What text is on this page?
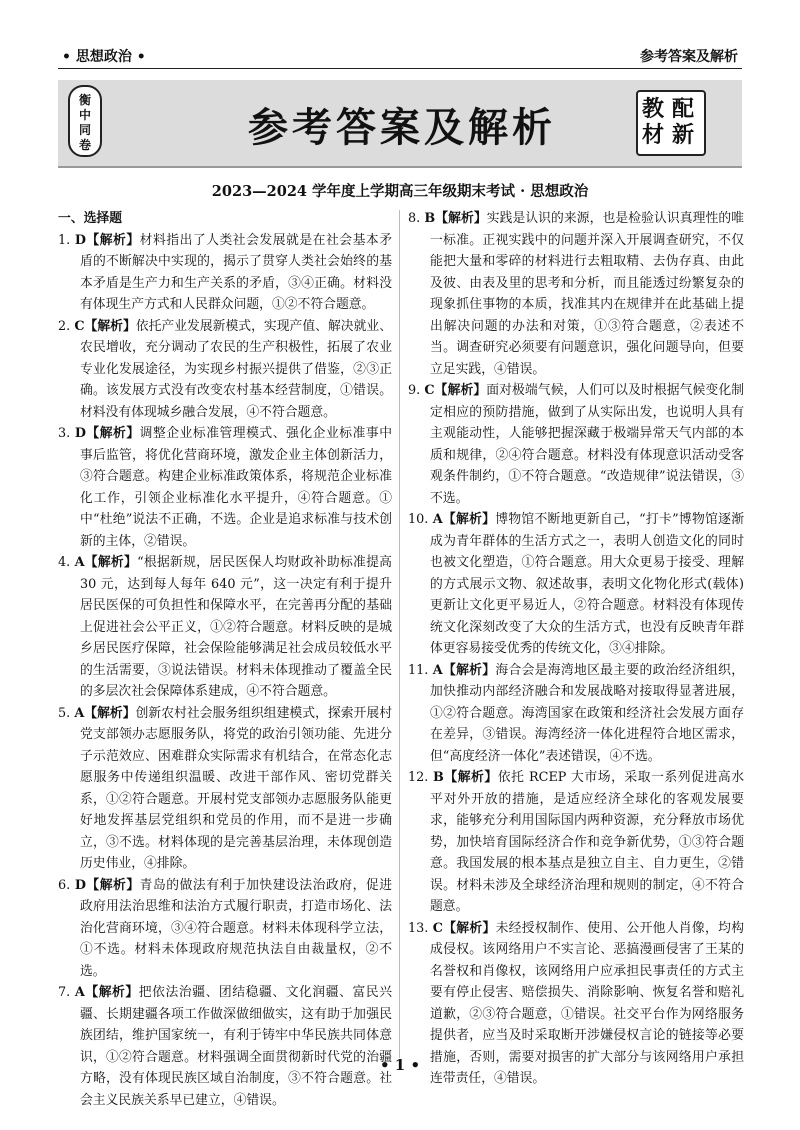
• 思想政治 •	参考答案及解析
衡
中
同
卷	参考答案及解析	教 配
材 新
2023—2024 学年度上学期高三年级期末考试 · 思想政治
一、选择题
1. D【解析】材料指出了人类社会发展就是在社会基本矛盾的不断解决中实现的，揭示了贯穿人类社会始终的基本矛盾是生产力和生产关系的矛盾，③④正确。材料没有体现生产方式和人民群众问题，①②不符合题意。
2. C【解析】依托产业发展新模式，实现产值、解决就业、农民增收，充分调动了农民的生产积极性，拓展了农业专业化发展途径，为实现乡村振兴提供了借鉴，②③正确。该发展方式没有改变农村基本经营制度，①错误。材料没有体现城乡融合发展，④不符合题意。
3. D【解析】调整企业标准管理模式、强化企业标准事中事后监管，将优化营商环境，激发企业主体创新活力，③符合题意。构建企业标准政策体系，将规范企业标准化工作，引领企业标准化水平提升，④符合题意。①中“杜绝”说法不正确，不选。企业是追求标准与技术创新的主体，②错误。
4. A【解析】“根据新规，居民医保人均财政补助标准提高 30 元，达到每人每年 640 元”，这一决定有利于提升居民医保的可负担性和保障水平，在完善再分配的基础上促进社会公平正义，①②符合题意。材料反映的是城乡居民医疗保障，社会保险能够满足社会成员较低水平的生活需要，③说法错误。材料未体现推动了覆盖全民的多层次社会保障体系建成，④不符合题意。
5. A【解析】创新农村社会服务组织组建模式，探索开展村党支部领办志愿服务队，将党的政治引领功能、先进分子示范效应、困难群众实际需求有机结合，在常态化志愿服务中传递组织温暖、改进干部作风、密切党群关系，①②符合题意。开展村党支部领办志愿服务队能更好地发挥基层党组织和党员的作用，而不是进一步确立，③不选。材料体现的是完善基层治理，未体现创造历史伟业，④排除。
6. D【解析】青岛的做法有利于加快建设法治政府，促进政府用法治思维和法治方式履行职责，打造市场化、法治化营商环境，③④符合题意。材料未体现科学立法，①不选。材料未体现政府规范执法自由裁量权，②不选。
7. A【解析】把依法治疆、团结稳疆、文化润疆、富民兴疆、长期建疆各项工作做深做细做实，这有助于加强民族团结，维护国家统一，有利于铸牢中华民族共同体意识，①②符合题意。材料强调全面贯彻新时代党的治疆方略，没有体现民族区域自治制度，③不符合题意。社会主义民族关系早已建立，④错误。
8. B【解析】实践是认识的来源，也是检验认识真理性的唯一标准。正视实践中的问题并深入开展调查研究，不仅能把大量和零碎的材料进行去粗取精、去伪存真、由此及彼、由表及里的思考和分析，而且能透过纷繁复杂的现象抓住事物的本质，找准其内在规律并在此基础上提出解决问题的办法和对策，①③符合题意，②表述不当。调查研究必须要有问题意识，强化问题导向，但要立足实践，④错误。
9. C【解析】面对极端气候，人们可以及时根据气候变化制定相应的预防措施，做到了从实际出发，也说明人具有主观能动性，人能够把握深藏于极端异常天气内部的本质和规律，②④符合题意。材料没有体现意识活动受客观条件制约，①不符合题意。“改造规律”说法错误，③不选。
10. A【解析】博物馆不断地更新自己，“打卡”博物馆逐渐成为青年群体的生活方式之一，表明人创造文化的同时也被文化塑造，①符合题意。用大众更易于接受、理解的方式展示文物、叙述故事，表明文化物化形式(载体)更新让文化更平易近人，②符合题意。材料没有体现传统文化深刻改变了大众的生活方式，也没有反映青年群体更容易接受优秀的传统文化，③④排除。
11. A【解析】海合会是海湾地区最主要的政治经济组织，加快推动内部经济融合和发展战略对接取得显著进展，①②符合题意。海湾国家在政策和经济社会发展方面存在差异，③错误。海湾经济一体化进程符合地区需求，但“高度经济一体化”表述错误，④不选。
12. B【解析】依托 RCEP 大市场，采取一系列促进高水平对外开放的措施，是适应经济全球化的客观发展要求，能够充分利用国际国内两种资源，充分释放市场优势，加快培育国际经济合作和竞争新优势，①③符合题意。我国发展的根本基点是独立自主、自力更生，②错误。材料未涉及全球经济治理和规则的制定，④不符合题意。
13. C【解析】未经授权制作、使用、公开他人肖像，均构成侵权。该网络用户不实言论、恶搞漫画侵害了王某的名誉权和肖像权，该网络用户应承担民事责任的方式主要有停止侵害、赔偿损失、消除影响、恢复名誉和赔礼道歉，②③符合题意，①错误。社交平台作为网络服务提供者，应当及时采取断开涉嫌侵权言论的链接等必要措施，否则，需要对损害的扩大部分与该网络用户承担连带责任，④错误。
• 1 •
